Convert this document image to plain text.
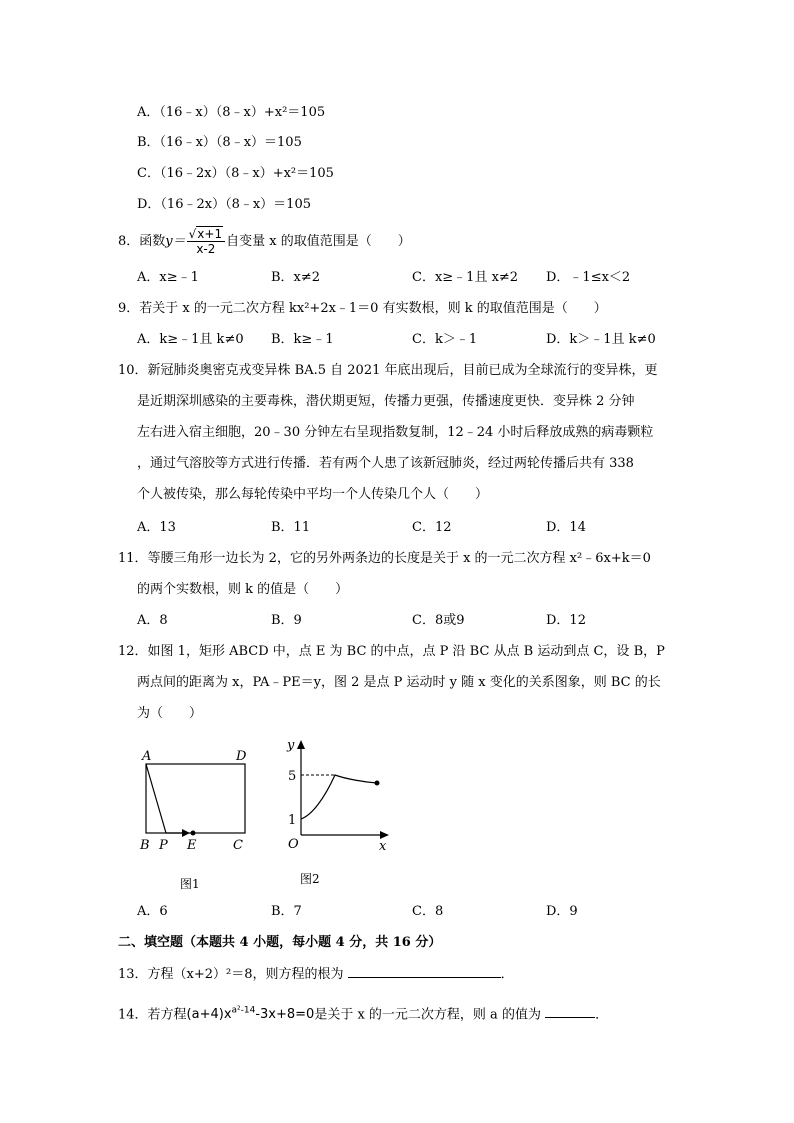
A．（16﹣x）（8﹣x）+x²＝105
B．（16﹣x）（8﹣x）＝105
C．（16﹣2x）（8﹣x）+x²＝105
D．（16﹣2x）（8﹣x）＝105
8．函数$y= \frac{√x+1}{x-2}$ 自变量 x 的取值范围是（　　）
A．x≥﹣1	B．x≠2	C．x≥﹣1且 x≠2 D．﹣1≤x＜2
9．若关于 x 的一元二次方程 kx²+2x﹣1＝0 有实数根，则 k 的取值范围是（　　）
A．k≥﹣1且 k≠0 B．k≥﹣1	C．k＞﹣1	D．k＞﹣1且 k≠0
10．新冠肺炎奥密克戎变异株 BA.5 自 2021 年底出现后，目前已成为全球流行的变异株，更
是近期深圳感染的主要毒株，潜伏期更短，传播力更强，传播速度更快．变异株 2 分钟
左右进入宿主细胞，20﹣30 分钟左右呈现指数复制，12﹣24 小时后释放成熟的病毒颗粒
，通过气溶胶等方式进行传播．若有两个人患了该新冠肺炎，经过两轮传播后共有 338
个人被传染，那么每轮传染中平均一个人传染几个人（　　）
A．13	B．11	C．12	D．14
11．等腰三角形一边长为 2，它的另外两条边的长度是关于 x 的一元二次方程 x²﹣6x+k＝0
的两个实数根，则 k 的值是（　　）
A．8	B．9	C．8或9	D．12
12．如图 1，矩形 ABCD 中，点 E 为 BC 的中点，点 P 沿 BC 从点 B 运动到点 C，设 B，P
两点间的距离为 x，PA﹣PE＝y，图 2 是点 P 运动时 y 随 x 变化的关系图象，则 BC 的长
为（　　）
A	D
B P E	C
图1
y
x
O
5
1
图2
A．6	B．7	C．8	D．9
二、填空题（本题共 4 小题，每小题 4 分，共 16 分）
13．方程（x+2）²＝8，则方程的根为	．
14．若方程$(a+4)x^{a^2-14}-3x+8=0$是关于 x 的一元二次方程，则 a 的值为	．
